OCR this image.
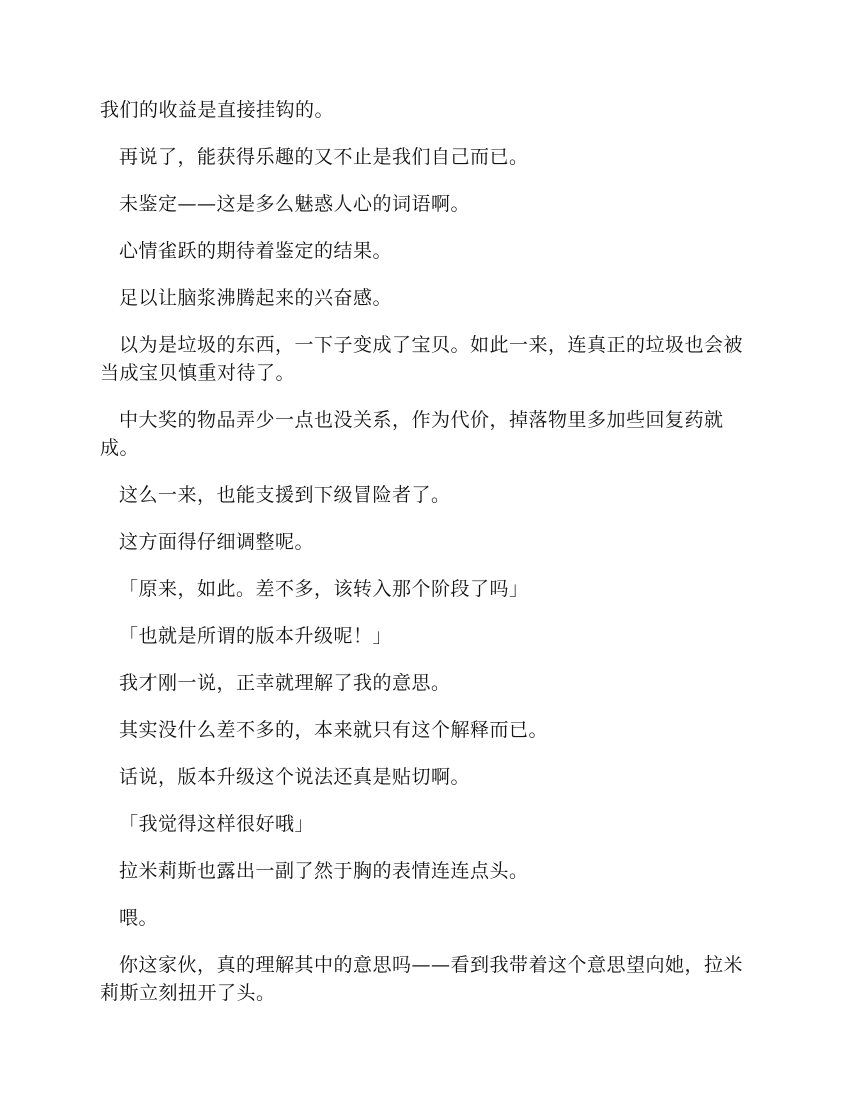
我们的收益是直接挂钩的。

再说了，能获得乐趣的又不止是我们自己而已。

未鉴定——这是多么魅惑人心的词语啊。

心情雀跃的期待着鉴定的结果。

足以让脑浆沸腾起来的兴奋感。

以为是垃圾的东西，一下子变成了宝贝。如此一来，连真正的垃圾也会被当成宝贝慎重对待了。

中大奖的物品弄少一点也没关系，作为代价，掉落物里多加些回复药就成。

这么一来，也能支援到下级冒险者了。

这方面得仔细调整呢。

「原来，如此。差不多，该转入那个阶段了吗」

「也就是所谓的版本升级呢！」

我才刚一说，正幸就理解了我的意思。

其实没什么差不多的，本来就只有这个解释而已。

话说，版本升级这个说法还真是贴切啊。

「我觉得这样很好哦」

拉米莉斯也露出一副了然于胸的表情连连点头。

喂。

你这家伙，真的理解其中的意思吗——看到我带着这个意思望向她，拉米莉斯立刻扭开了头。
